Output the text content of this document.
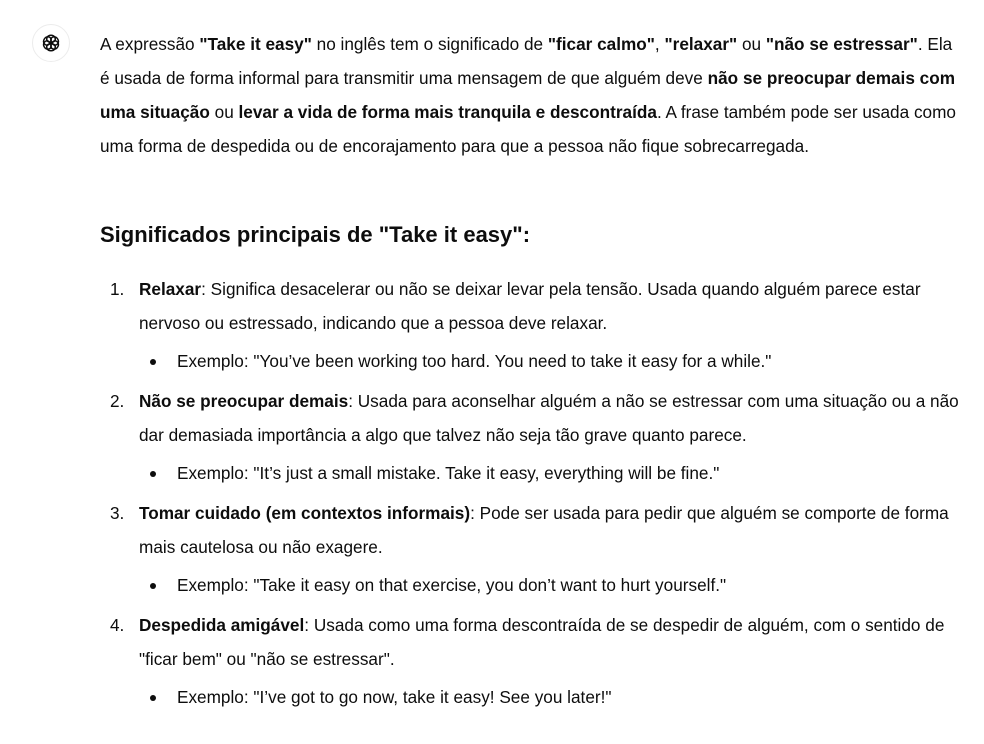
A expressão "Take it easy" no inglês tem o significado de "ficar calmo", "relaxar" ou "não se estressar". Ela é usada de forma informal para transmitir uma mensagem de que alguém deve não se preocupar demais com uma situação ou levar a vida de forma mais tranquila e descontraída. A frase também pode ser usada como uma forma de despedida ou de encorajamento para que a pessoa não fique sobrecarregada.

Significados principais de "Take it easy":
1. Relaxar: Significa desacelerar ou não se deixar levar pela tensão. Usada quando alguém parece estar nervoso ou estressado, indicando que a pessoa deve relaxar.
Exemplo: "You’ve been working too hard. You need to take it easy for a while."
2. Não se preocupar demais: Usada para aconselhar alguém a não se estressar com uma situação ou a não dar demasiada importância a algo que talvez não seja tão grave quanto parece.
Exemplo: "It’s just a small mistake. Take it easy, everything will be fine."
3. Tomar cuidado (em contextos informais): Pode ser usada para pedir que alguém se comporte de forma mais cautelosa ou não exagere.
Exemplo: "Take it easy on that exercise, you don’t want to hurt yourself."
4. Despedida amigável: Usada como uma forma descontraída de se despedir de alguém, com o sentido de "ficar bem" ou "não se estressar".
Exemplo: "I’ve got to go now, take it easy! See you later!"
